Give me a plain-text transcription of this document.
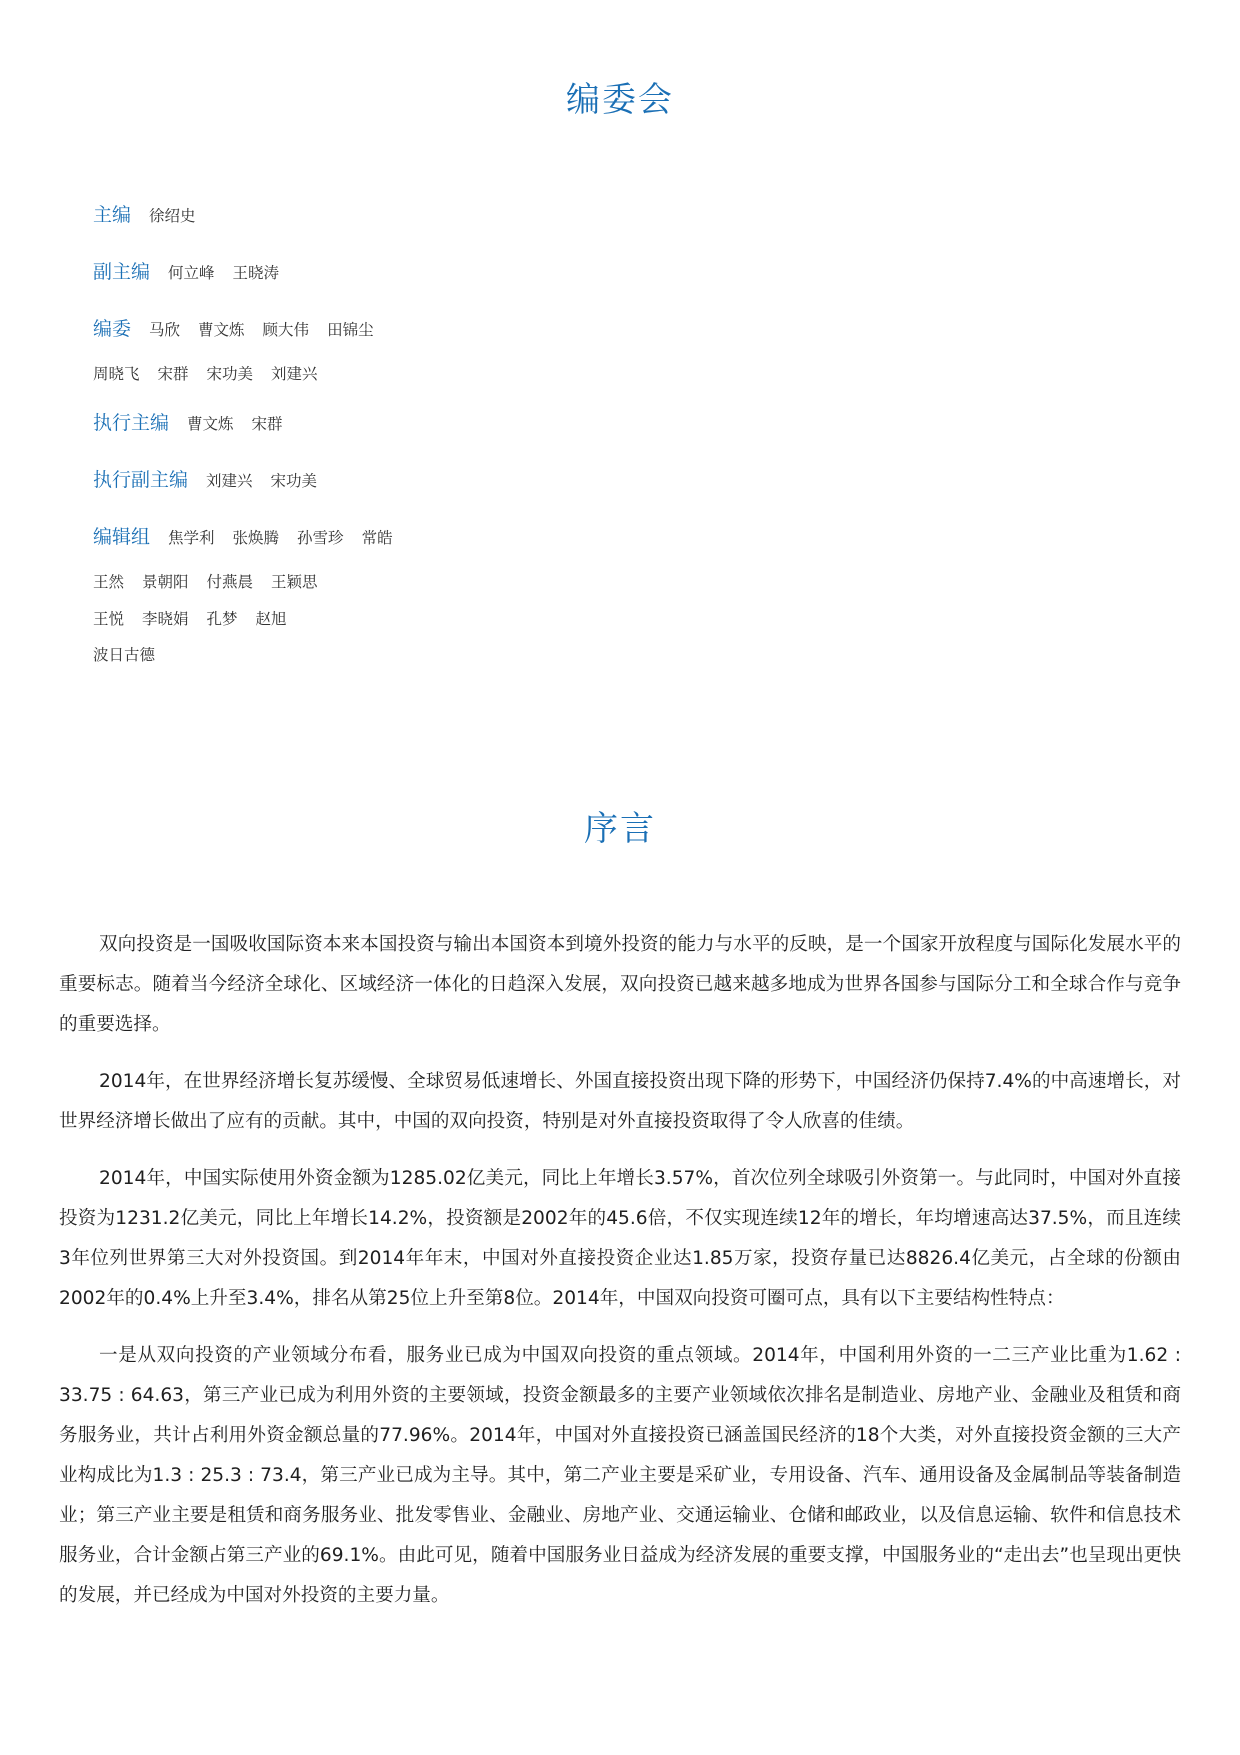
编委会
主编 徐绍史
副主编 何立峰 王晓涛
编委 马欣 曹文炼 顾大伟 田锦尘
周晓飞 宋群 宋功美 刘建兴
执行主编 曹文炼 宋群
执行副主编 刘建兴 宋功美
编辑组 焦学利 张焕腾 孙雪珍 常皓
王然 景朝阳 付燕晨 王颖思
王悦 李晓娟 孔梦 赵旭
波日古德
序言

双向投资是一国吸收国际资本来本国投资与输出本国资本到境外投资的能力与水平的反映，是一个国家开放程度与国际化发展水平的重要标志。随着当今经济全球化、区域经济一体化的日趋深入发展，双向投资已越来越多地成为世界各国参与国际分工和全球合作与竞争的重要选择。

2014年，在世界经济增长复苏缓慢、全球贸易低速增长、外国直接投资出现下降的形势下，中国经济仍保持7.4%的中高速增长，对世界经济增长做出了应有的贡献。其中，中国的双向投资，特别是对外直接投资取得了令人欣喜的佳绩。

2014年，中国实际使用外资金额为1285.02亿美元，同比上年增长3.57%，首次位列全球吸引外资第一。与此同时，中国对外直接投资为1231.2亿美元，同比上年增长14.2%，投资额是2002年的45.6倍，不仅实现连续12年的增长，年均增速高达37.5%，而且连续3年位列世界第三大对外投资国。到2014年年末，中国对外直接投资企业达1.85万家，投资存量已达8826.4亿美元，占全球的份额由2002年的0.4%上升至3.4%，排名从第25位上升至第8位。2014年，中国双向投资可圈可点，具有以下主要结构性特点：

一是从双向投资的产业领域分布看，服务业已成为中国双向投资的重点领域。2014年，中国利用外资的一二三产业比重为1.62 : 33.75 : 64.63，第三产业已成为利用外资的主要领域，投资金额最多的主要产业领域依次排名是制造业、房地产业、金融业及租赁和商务服务业，共计占利用外资金额总量的77.96%。2014年，中国对外直接投资已涵盖国民经济的18个大类，对外直接投资金额的三大产业构成比为1.3 : 25.3 : 73.4，第三产业已成为主导。其中，第二产业主要是采矿业，专用设备、汽车、通用设备及金属制品等装备制造业；第三产业主要是租赁和商务服务业、批发零售业、金融业、房地产业、交通运输业、仓储和邮政业，以及信息运输、软件和信息技术服务业，合计金额占第三产业的69.1%。由此可见，随着中国服务业日益成为经济发展的重要支撑，中国服务业的“走出去”也呈现出更快的发展，并已经成为中国对外投资的主要力量。
